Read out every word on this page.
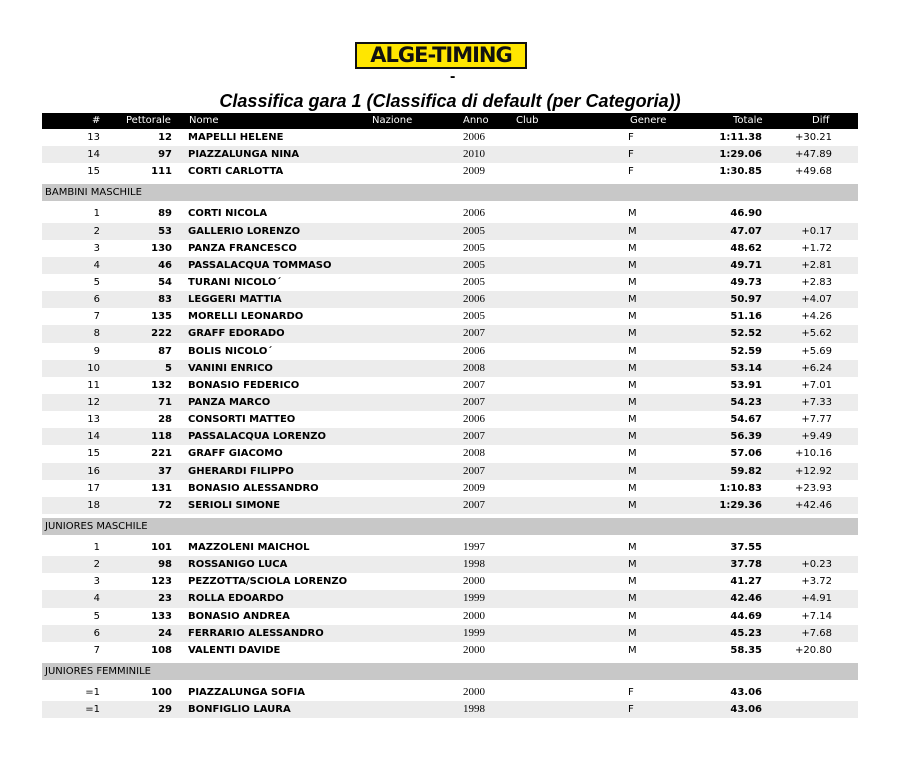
ALGE-TIMING
-
Classifica gara 1 (Classifica di default (per Categoria))
#	Pettorale Nome	Nazione	Anno	Club	Genere	Totale	Diff
13	12 MAPELLI HELENE	2006	F	1:11.38	+30.21
14	97 PIAZZALUNGA NINA	2010	F	1:29.06	+47.89
15	111 CORTI CARLOTTA	2009	F	1:30.85	+49.68
BAMBINI MASCHILE
1	89 CORTI NICOLA	2006	M	46.90
2	53 GALLERIO LORENZO	2005	M	47.07	+0.17
3	130 PANZA FRANCESCO	2005	M	48.62	+1.72
4	46 PASSALACQUA TOMMASO	2005	M	49.71	+2.81
5	54 TURANI NICOLO´	2005	M	49.73	+2.83
6	83 LEGGERI MATTIA	2006	M	50.97	+4.07
7	135 MORELLI LEONARDO	2005	M	51.16	+4.26
8	222 GRAFF EDORADO	2007	M	52.52	+5.62
9	87 BOLIS NICOLO´	2006	M	52.59	+5.69
10	5 VANINI ENRICO	2008	M	53.14	+6.24
11	132 BONASIO FEDERICO	2007	M	53.91	+7.01
12	71 PANZA MARCO	2007	M	54.23	+7.33
13	28 CONSORTI MATTEO	2006	M	54.67	+7.77
14	118 PASSALACQUA LORENZO	2007	M	56.39	+9.49
15	221 GRAFF GIACOMO	2008	M	57.06	+10.16
16	37 GHERARDI FILIPPO	2007	M	59.82	+12.92
17	131 BONASIO ALESSANDRO	2009	M	1:10.83	+23.93
18	72 SERIOLI SIMONE	2007	M	1:29.36	+42.46
JUNIORES MASCHILE
1	101 MAZZOLENI MAICHOL	1997	M	37.55
2	98 ROSSANIGO LUCA	1998	M	37.78	+0.23
3	123 PEZZOTTA/SCIOLA LORENZO	2000	M	41.27	+3.72
4	23 ROLLA EDOARDO	1999	M	42.46	+4.91
5	133 BONASIO ANDREA	2000	M	44.69	+7.14
6	24 FERRARIO ALESSANDRO	1999	M	45.23	+7.68
7	108 VALENTI DAVIDE	2000	M	58.35	+20.80
JUNIORES FEMMINILE
=1	100 PIAZZALUNGA SOFIA	2000	F	43.06
=1	29 BONFIGLIO LAURA	1998	F	43.06
